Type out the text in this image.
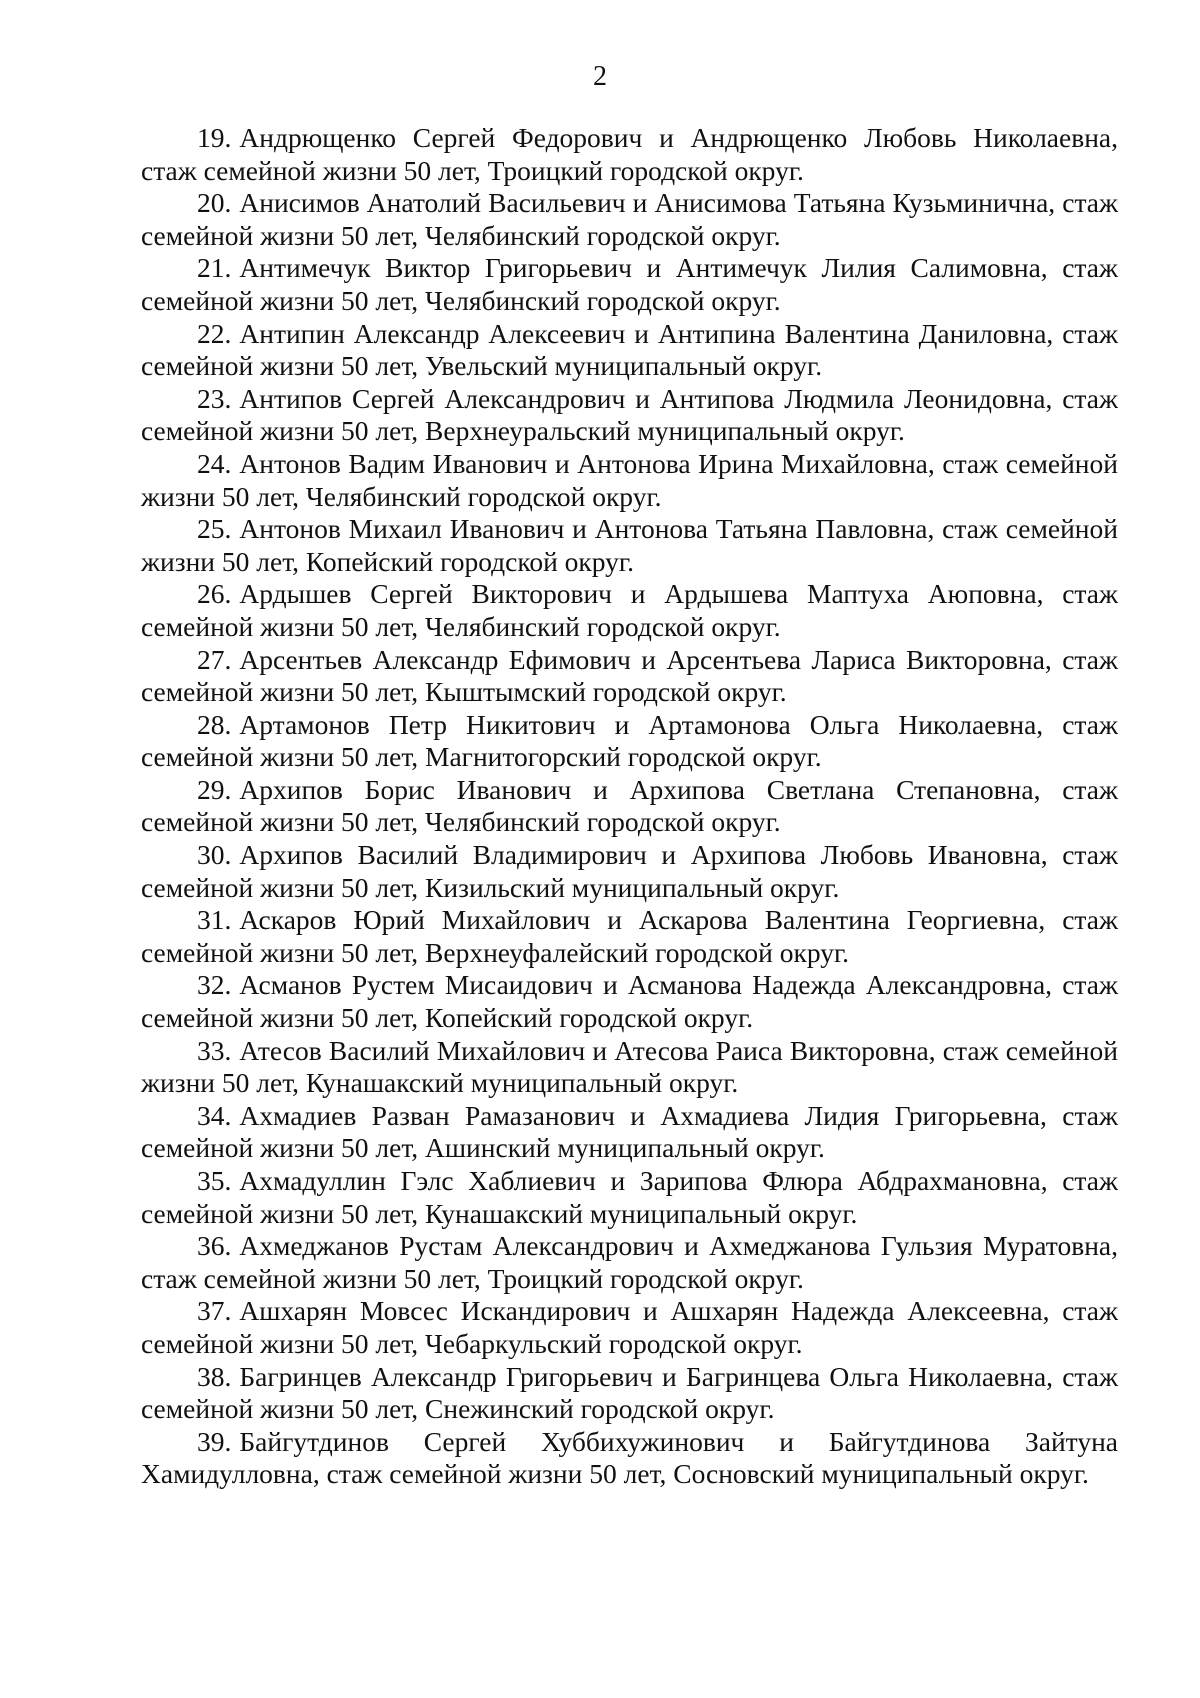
2

19. Андрющенко Сергей Федорович и Андрющенко Любовь Николаевна, стаж семейной жизни 50 лет, Троицкий городской округ.

20. Анисимов Анатолий Васильевич и Анисимова Татьяна Кузьминична, стаж семейной жизни 50 лет, Челябинский городской округ.

21. Антимечук Виктор Григорьевич и Антимечук Лилия Салимовна, стаж семейной жизни 50 лет, Челябинский городской округ.

22. Антипин Александр Алексеевич и Антипина Валентина Даниловна, стаж семейной жизни 50 лет, Увельский муниципальный округ.

23. Антипов Сергей Александрович и Антипова Людмила Леонидовна, стаж семейной жизни 50 лет, Верхнеуральский муниципальный округ.

24. Антонов Вадим Иванович и Антонова Ирина Михайловна, стаж семейной жизни 50 лет, Челябинский городской округ.

25. Антонов Михаил Иванович и Антонова Татьяна Павловна, стаж семейной жизни 50 лет, Копейский городской округ.

26. Ардышев Сергей Викторович и Ардышева Маптуха Аюповна, стаж семейной жизни 50 лет, Челябинский городской округ.

27. Арсентьев Александр Ефимович и Арсентьева Лариса Викторовна, стаж семейной жизни 50 лет, Кыштымский городской округ.

28. Артамонов Петр Никитович и Артамонова Ольга Николаевна, стаж семейной жизни 50 лет, Магнитогорский городской округ.

29. Архипов Борис Иванович и Архипова Светлана Степановна, стаж семейной жизни 50 лет, Челябинский городской округ.

30. Архипов Василий Владимирович и Архипова Любовь Ивановна, стаж семейной жизни 50 лет, Кизильский муниципальный округ.

31. Аскаров Юрий Михайлович и Аскарова Валентина Георгиевна, стаж семейной жизни 50 лет, Верхнеуфалейский городской округ.

32. Асманов Рустем Мисаидович и Асманова Надежда Александровна, стаж семейной жизни 50 лет, Копейский городской округ.

33. Атесов Василий Михайлович и Атесова Раиса Викторовна, стаж семейной жизни 50 лет, Кунашакский муниципальный округ.

34. Ахмадиев Разван Рамазанович и Ахмадиева Лидия Григорьевна, стаж семейной жизни 50 лет, Ашинский муниципальный округ.

35. Ахмадуллин Гэлс Хаблиевич и Зарипова Флюра Абдрахмановна, стаж семейной жизни 50 лет, Кунашакский муниципальный округ.

36. Ахмеджанов Рустам Александрович и Ахмеджанова Гульзия Муратовна, стаж семейной жизни 50 лет, Троицкий городской округ.

37. Ашхарян Мовсес Искандирович и Ашхарян Надежда Алексеевна, стаж семейной жизни 50 лет, Чебаркульский городской округ.

38. Багринцев Александр Григорьевич и Багринцева Ольга Николаевна, стаж семейной жизни 50 лет, Снежинский городской округ.

39. Байгутдинов Сергей Хуббихужинович и Байгутдинова Зайтуна Хамидулловна, стаж семейной жизни 50 лет, Сосновский муниципальный округ.
